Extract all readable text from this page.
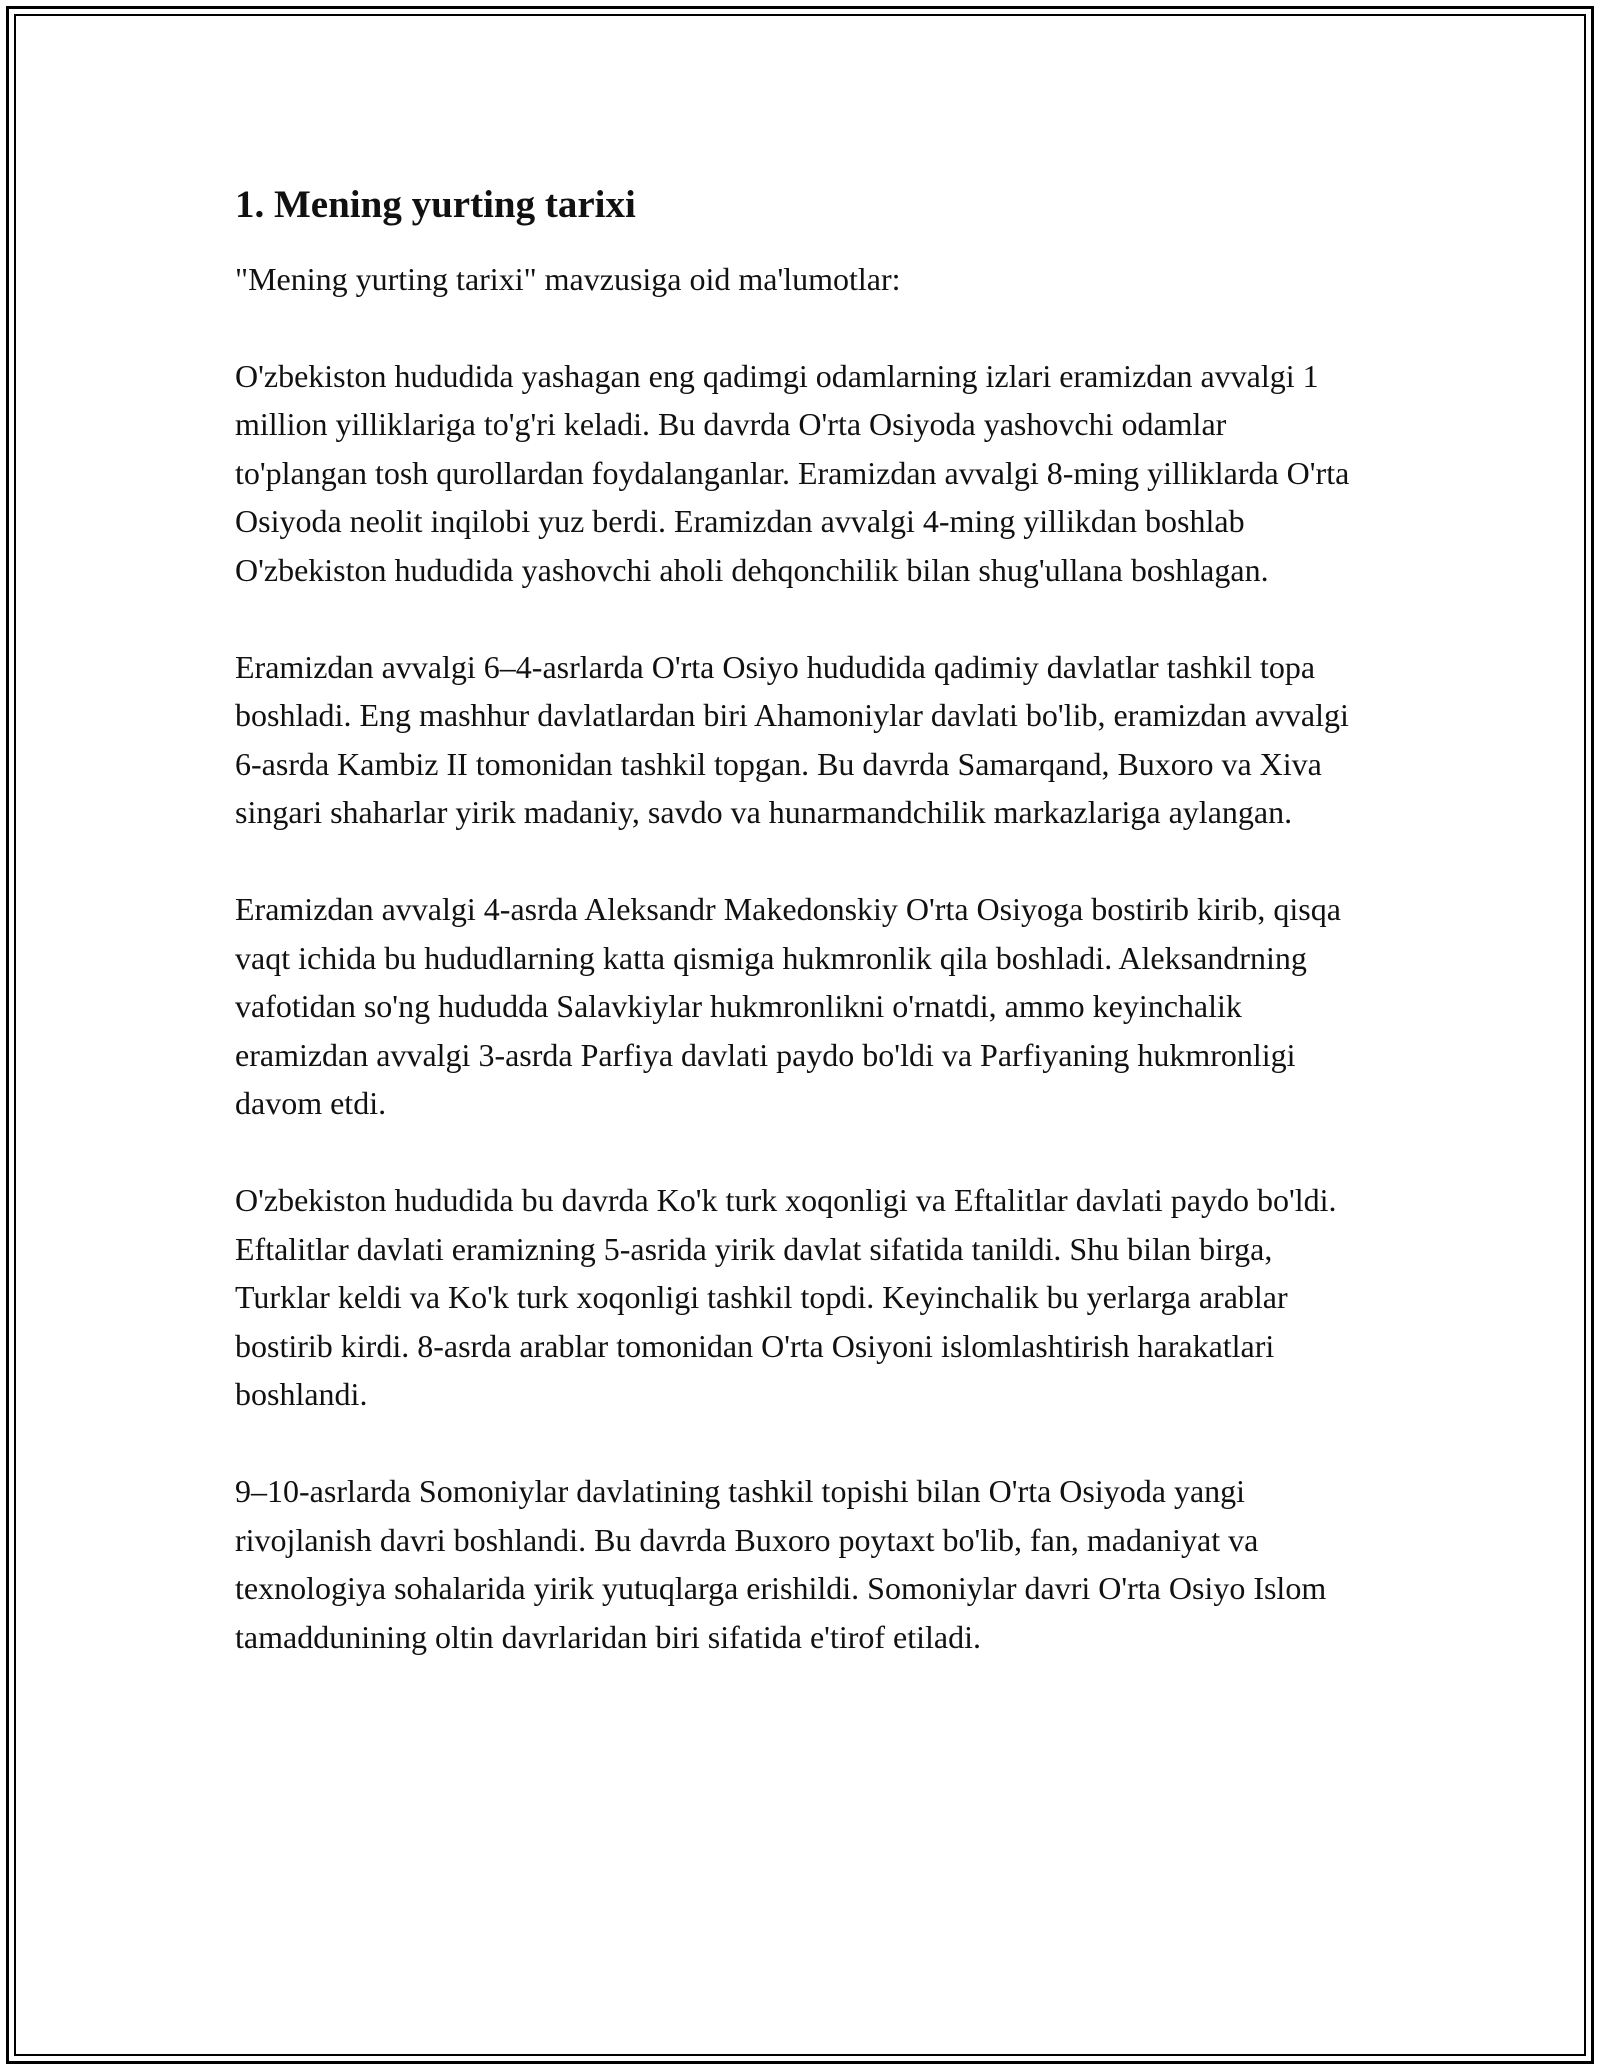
1. Mening yurting tarixi

"Mening yurting tarixi" mavzusiga oid ma'lumotlar:

O'zbekiston hududida yashagan eng qadimgi odamlarning izlari eramizdan avvalgi 1 million yilliklariga to'g'ri keladi. Bu davrda O'rta Osiyoda yashovchi odamlar to'plangan tosh qurollardan foydalanganlar. Eramizdan avvalgi 8-ming yilliklarda O'rta Osiyoda neolit inqilobi yuz berdi. Eramizdan avvalgi 4-ming yillikdan boshlab O'zbekiston hududida yashovchi aholi dehqonchilik bilan shug'ullana boshlagan.

Eramizdan avvalgi 6–4-asrlarda O'rta Osiyo hududida qadimiy davlatlar tashkil topa boshladi. Eng mashhur davlatlardan biri Ahamoniylar davlati bo'lib, eramizdan avvalgi 6-asrda Kambiz II tomonidan tashkil topgan. Bu davrda Samarqand, Buxoro va Xiva singari shaharlar yirik madaniy, savdo va hunarmandchilik markazlariga aylangan.

Eramizdan avvalgi 4-asrda Aleksandr Makedonskiy O'rta Osiyoga bostirib kirib, qisqa vaqt ichida bu hududlarning katta qismiga hukmronlik qila boshladi. Aleksandrning vafotidan so'ng hududda Salavkiylar hukmronlikni o'rnatdi, ammo keyinchalik eramizdan avvalgi 3-asrda Parfiya davlati paydo bo'ldi va Parfiyaning hukmronligi davom etdi.

O'zbekiston hududida bu davrda Ko'k turk xoqonligi va Eftalitlar davlati paydo bo'ldi. Eftalitlar davlati eramizning 5-asrida yirik davlat sifatida tanildi. Shu bilan birga, Turklar keldi va Ko'k turk xoqonligi tashkil topdi. Keyinchalik bu yerlarga arablar bostirib kirdi. 8-asrda arablar tomonidan O'rta Osiyoni islomlashtirish harakatlari boshlandi.

9–10-asrlarda Somoniylar davlatining tashkil topishi bilan O'rta Osiyoda yangi rivojlanish davri boshlandi. Bu davrda Buxoro poytaxt bo'lib, fan, madaniyat va texnologiya sohalarida yirik yutuqlarga erishildi. Somoniylar davri O'rta Osiyo Islom tamaddunining oltin davrlaridan biri sifatida e'tirof etiladi.
